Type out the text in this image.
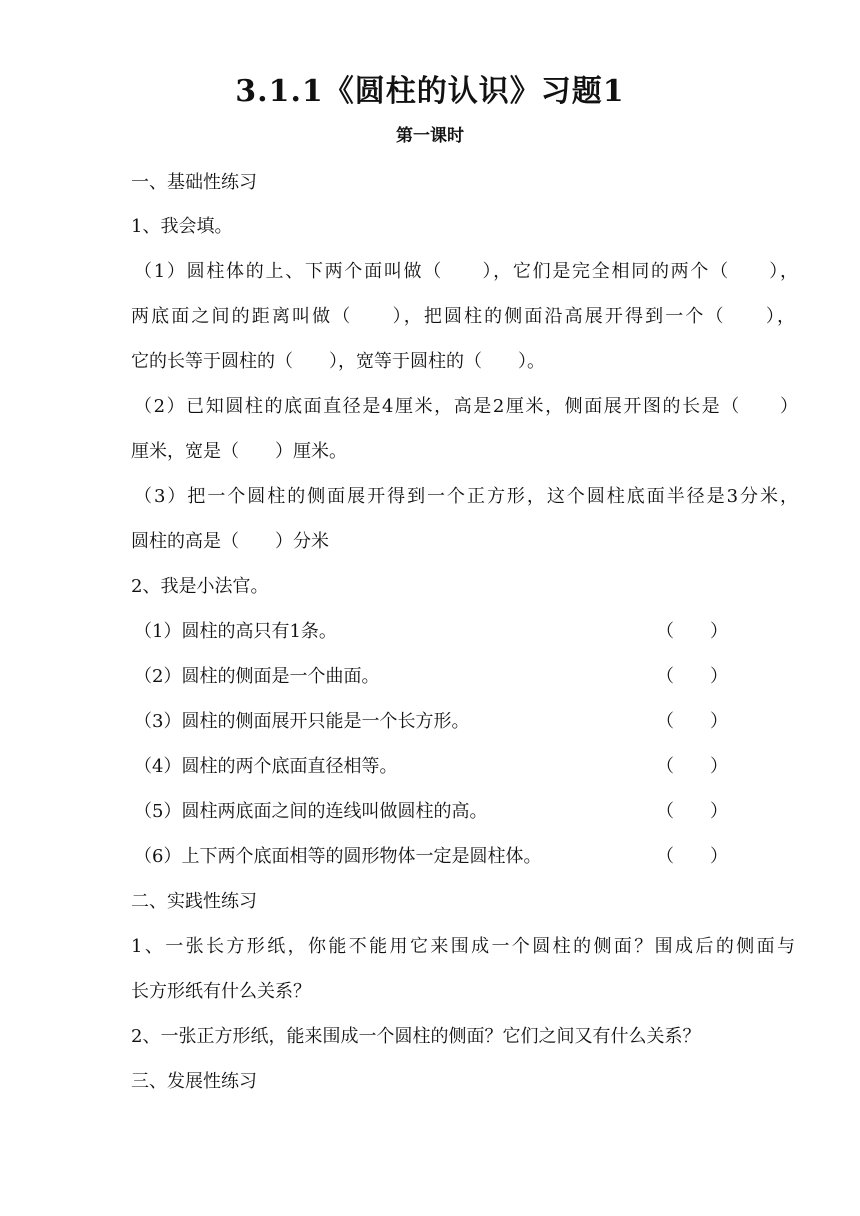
3.1.1《圆柱的认识》习题1
第一课时
一、基础性练习
1、我会填。
（1）圆柱体的上、下两个面叫做（　　），它们是完全相同的两个（　　），
两底面之间的距离叫做（　　），把圆柱的侧面沿高展开得到一个（　　），
它的长等于圆柱的（　　），宽等于圆柱的（　　）。
（2）已知圆柱的底面直径是4厘米，高是2厘米，侧面展开图的长是（　　）
厘米，宽是（　　）厘米。
（3）把一个圆柱的侧面展开得到一个正方形，这个圆柱底面半径是3分米，
圆柱的高是（　　）分米
2、我是小法官。
（1）圆柱的高只有1条。	（　　）
（2）圆柱的侧面是一个曲面。	（　　）
（3）圆柱的侧面展开只能是一个长方形。	（　　）
（4）圆柱的两个底面直径相等。	（　　）
（5）圆柱两底面之间的连线叫做圆柱的高。	（　　）
（6）上下两个底面相等的圆形物体一定是圆柱体。	（　　）
二、实践性练习
1、一张长方形纸，你能不能用它来围成一个圆柱的侧面？围成后的侧面与
长方形纸有什么关系？
2、一张正方形纸，能来围成一个圆柱的侧面？它们之间又有什么关系？
三、发展性练习
